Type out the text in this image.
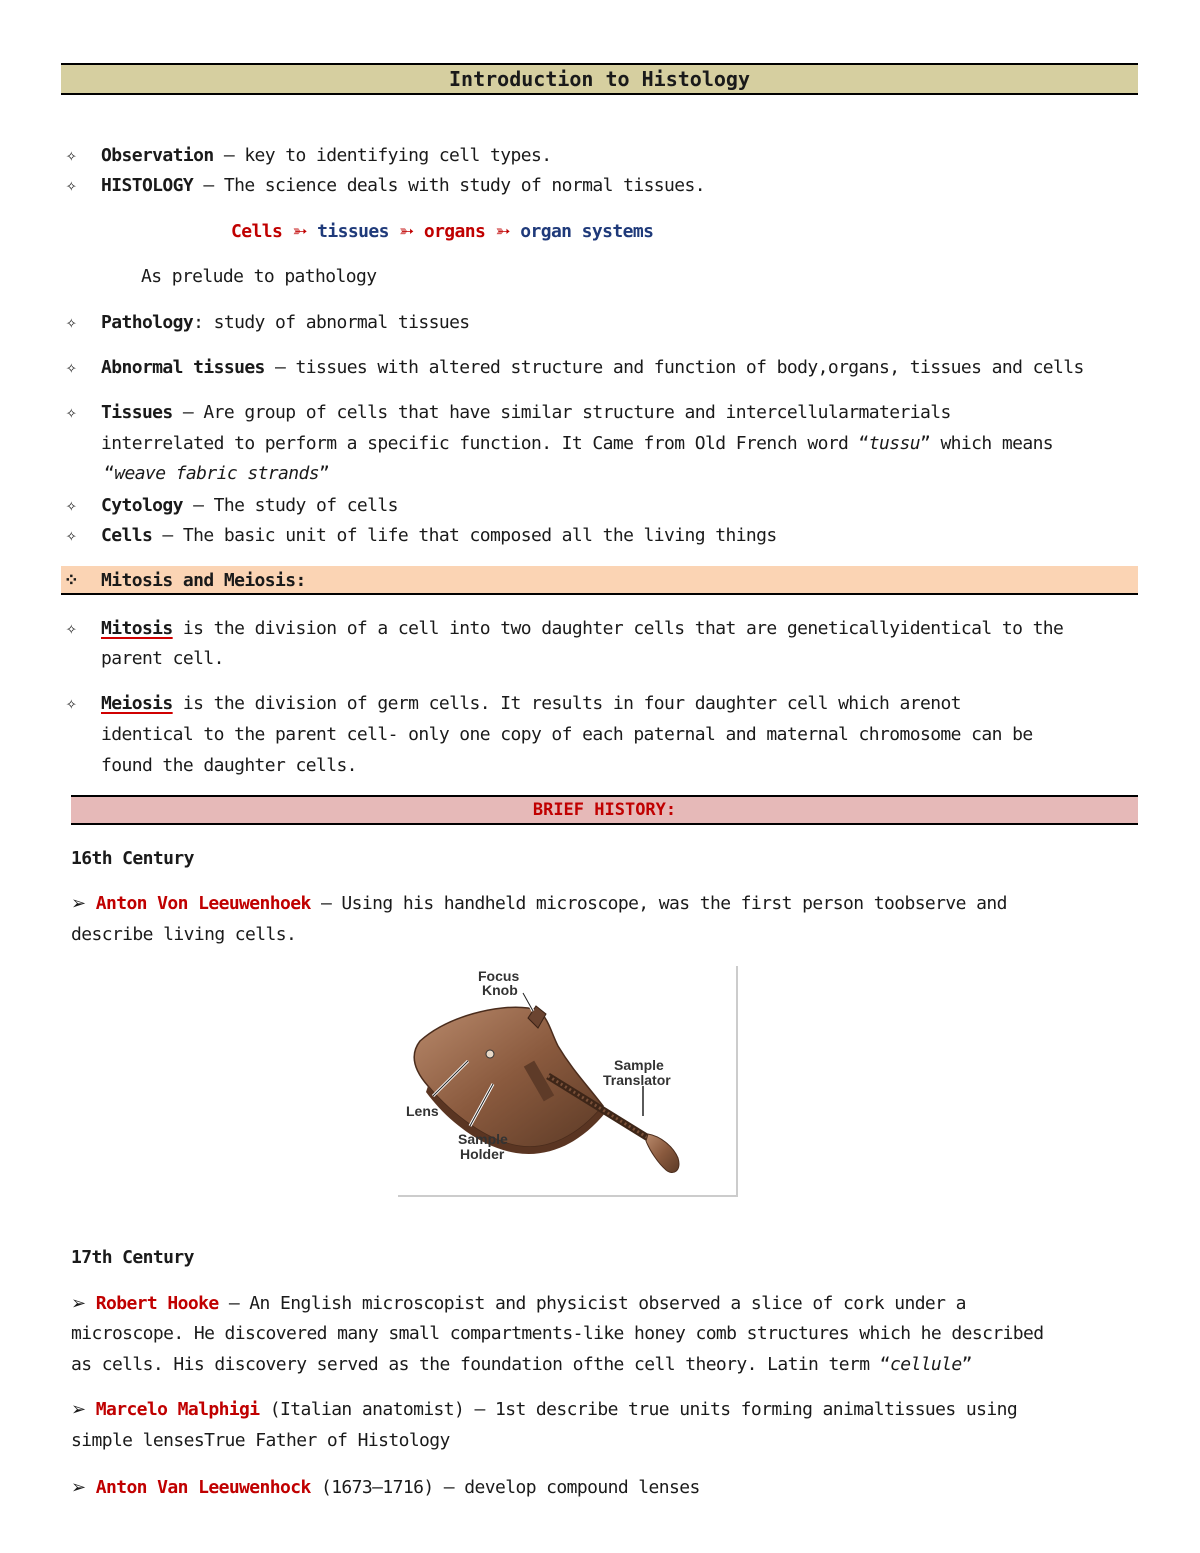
Introduction to Histology
✧	Observation – key to identifying cell types.
✧	HISTOLOGY – The science deals with study of normal tissues.
Cells ➳ tissues ➳ organs ➳ organ systems
As prelude to pathology
✧	Pathology: study of abnormal tissues
✧	Abnormal tissues – tissues with altered structure and function of body,organs, tissues and cells
✧	Tissues – Are group of cells that have similar structure and intercellularmaterials
interrelated to perform a specific function. It Came from Old French word “tussu” which means
“weave fabric strands”
✧	Cytology – The study of cells
✧	Cells – The basic unit of life that composed all the living things
⁘ Mitosis and Meiosis:
✧	Mitosis is the division of a cell into two daughter cells that are geneticallyidentical to the
parent cell.
✧	Meiosis is the division of germ cells. It results in four daughter cell which arenot
identical to the parent cell- only one copy of each paternal and maternal chromosome can be
found the daughter cells.
BRIEF HISTORY:
16th Century
➢ Anton Von Leeuwenhoek – Using his handheld microscope, was the first person toobserve and
describe living cells.
Focus
Knob
Sample
Translator
Lens
Sample
Holder
17th Century
➢ Robert Hooke – An English microscopist and physicist observed a slice of cork under a
microscope. He discovered many small compartments-like honey comb structures which he described
as cells. His discovery served as the foundation ofthe cell theory. Latin term “cellule”
➢ Marcelo Malphigi (Italian anatomist) – 1st describe true units forming animaltissues using
simple lensesTrue Father of Histology
➢ Anton Van Leeuwenhock (1673–1716) – develop compound lenses
